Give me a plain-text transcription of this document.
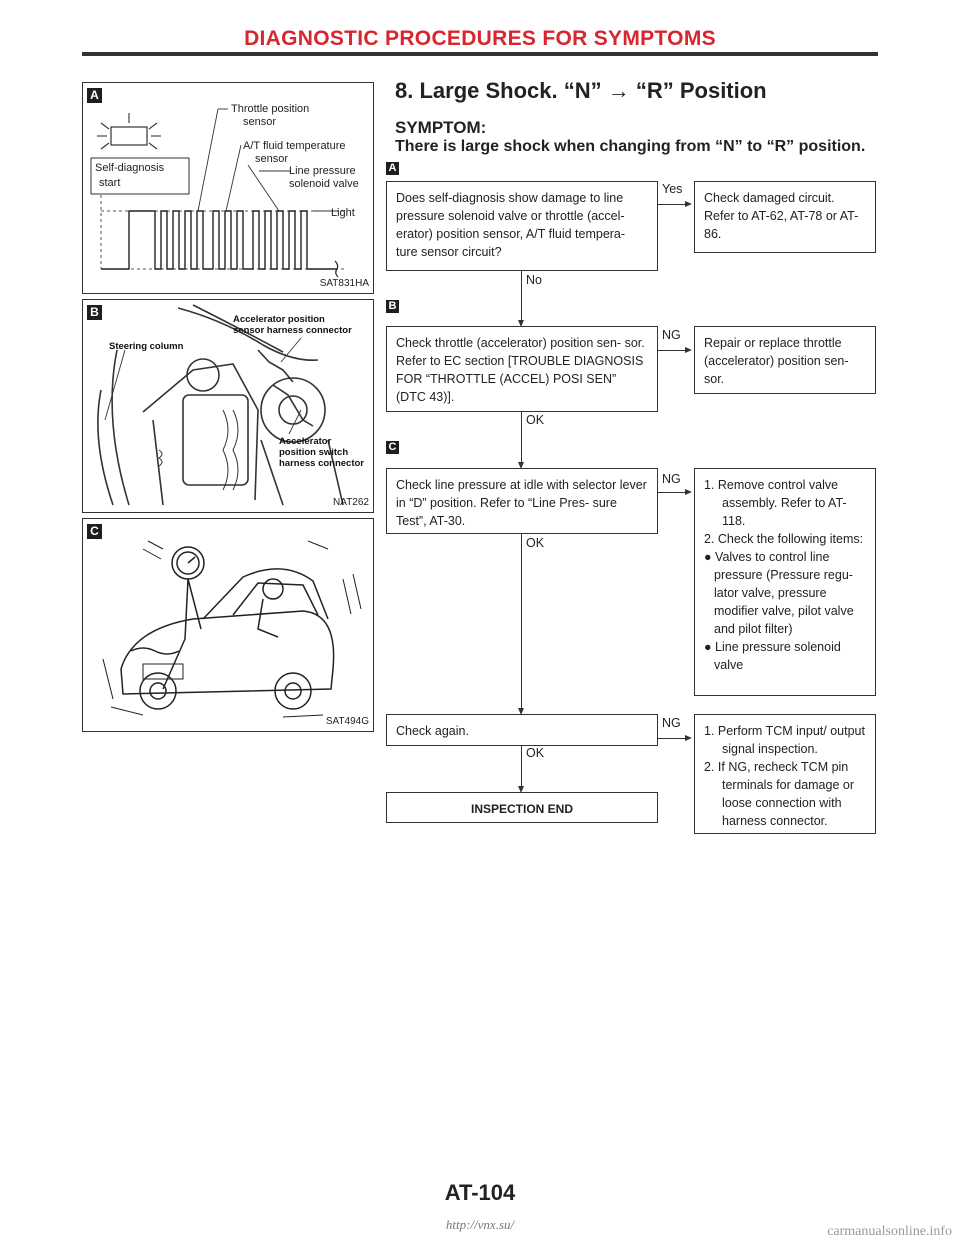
DIAGNOSTIC PROCEDURES FOR SYMPTOMS
A
Throttle position
sensor
A/T fluid temperature
sensor
Line pressure
solenoid valve
Light
Self-diagnosis
start
SAT831HA
B
Accelerator position
sensor harness connector
Steering column
Accelerator
position switch
harness connector
NAT262
C
SAT494G
8. Large Shock. “N” → “R” Position
SYMPTOM:
There is large shock when changing from “N” to “R” position.
A
Does self-diagnosis show damage to line pressure solenoid valve or throttle (accel- erator) position sensor, A/T fluid tempera- ture sensor circuit?
Yes
Check damaged circuit. Refer to AT-62, AT-78 or AT-86.
No
B
Check throttle (accelerator) position sen- sor. Refer to EC section [TROUBLE DIAGNOSIS FOR “THROTTLE (ACCEL) POSI SEN” (DTC 43)].
NG
Repair or replace throttle (accelerator) position sen- sor.
OK
C
Check line pressure at idle with selector lever in “D” position. Refer to “Line Pres- sure Test”, AT-30.
NG 1. Remove control valve assembly. Refer to AT-118.
2. Check the following items:
● Valves to control line pressure (Pressure regu- lator valve, pressure modifier valve, pilot valve and pilot filter)
● Line pressure solenoid valve
OK
Check again.
NG
1. Perform TCM input/ output signal inspection.
2. If NG, recheck TCM pin terminals for damage or loose connection with harness connector.
OK
INSPECTION END
AT-104
http://vnx.su/	carmanualsonline.info
